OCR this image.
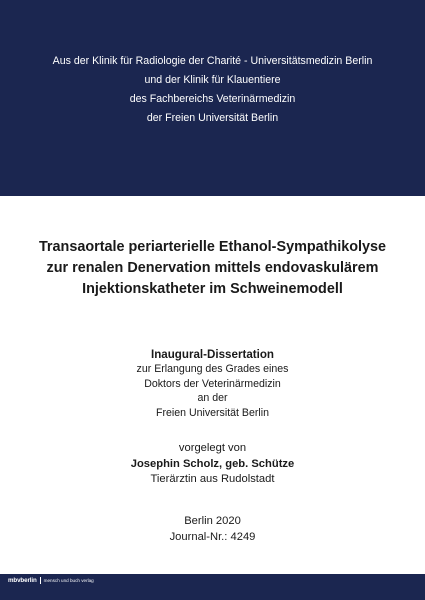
Aus der Klinik für Radiologie der Charité - Universitätsmedizin Berlin
und der Klinik für Klauentiere
des Fachbereichs Veterinärmedizin
der Freien Universität Berlin
Transaortale periarterielle Ethanol-Sympathikolyse
zur renalen Denervation mittels endovaskulärem
Injektionskatheter im Schweinemodell
Inaugural-Dissertation
zur Erlangung des Grades eines
Doktors der Veterinärmedizin
an der
Freien Universität Berlin
vorgelegt von
Josephin Scholz, geb. Schütze
Tierärztin aus Rudolstadt
Berlin 2020
Journal-Nr.: 4249
mbvberlin mensch und buch verlag
